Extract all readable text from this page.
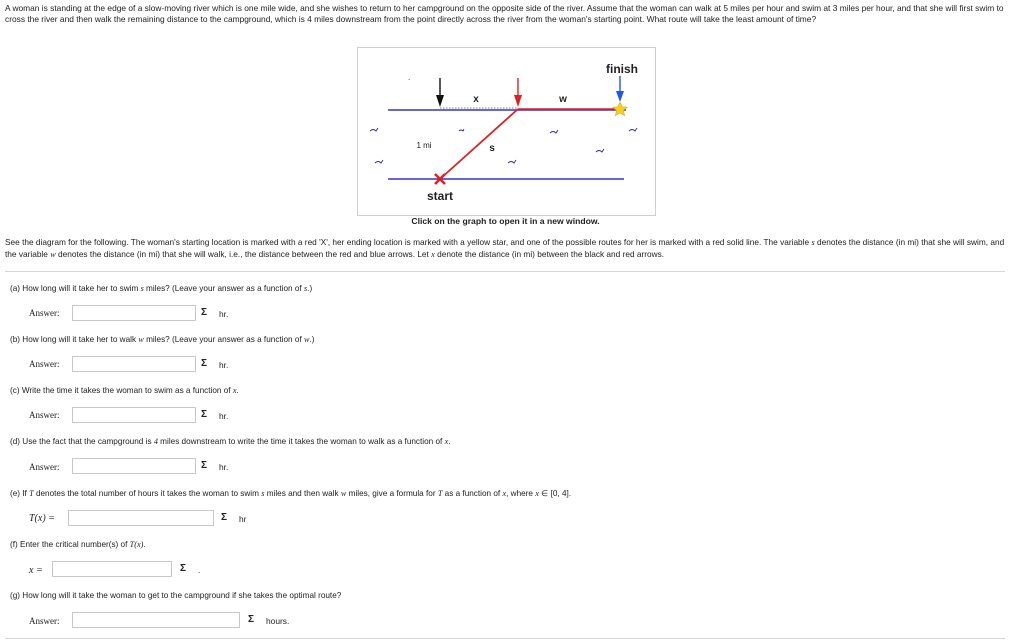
A woman is standing at the edge of a slow-moving river which is one mile wide, and she wishes to return to her campground on the opposite side of the river. Assume that the woman can walk at 5 miles per hour and swim at 3 miles per hour, and that she will first swim to cross the river and then walk the remaining distance to the campground, which is 4 miles downstream from the point directly across the river from the woman's starting point. What route will take the least amount of time?
finish
start
x	w
s
1 mi
.
Click on the graph to open it in a new window.
See the diagram for the following. The woman's starting location is marked with a red 'X', her ending location is marked with a yellow star, and one of the possible routes for her is marked with a red solid line. The variable s denotes the distance (in mi) that she will swim, and the variable w denotes the distance (in mi) that she will walk, i.e., the distance between the red and blue arrows. Let x denote the distance (in mi) between the black and red arrows.
(a) How long will it take her to swim s miles? (Leave your answer as a function of s.)
Answer:	Σ hr.
(b) How long will it take her to walk w miles? (Leave your answer as a function of w.)
Answer:	Σ hr.
(c) Write the time it takes the woman to swim as a function of x.
Answer:	Σ hr.
(d) Use the fact that the campground is 4 miles downstream to write the time it takes the woman to walk as a function of x.
Answer:	Σ hr.
(e) If T denotes the total number of hours it takes the woman to swim s miles and then walk w miles, give a formula for T as a function of x, where x ∈ [0, 4].
T(x) =	Σ hr
(f) Enter the critical number(s) of T(x).
x =	Σ .
(g) How long will it take the woman to get to the campground if she takes the optimal route?
Answer:	Σ hours.
